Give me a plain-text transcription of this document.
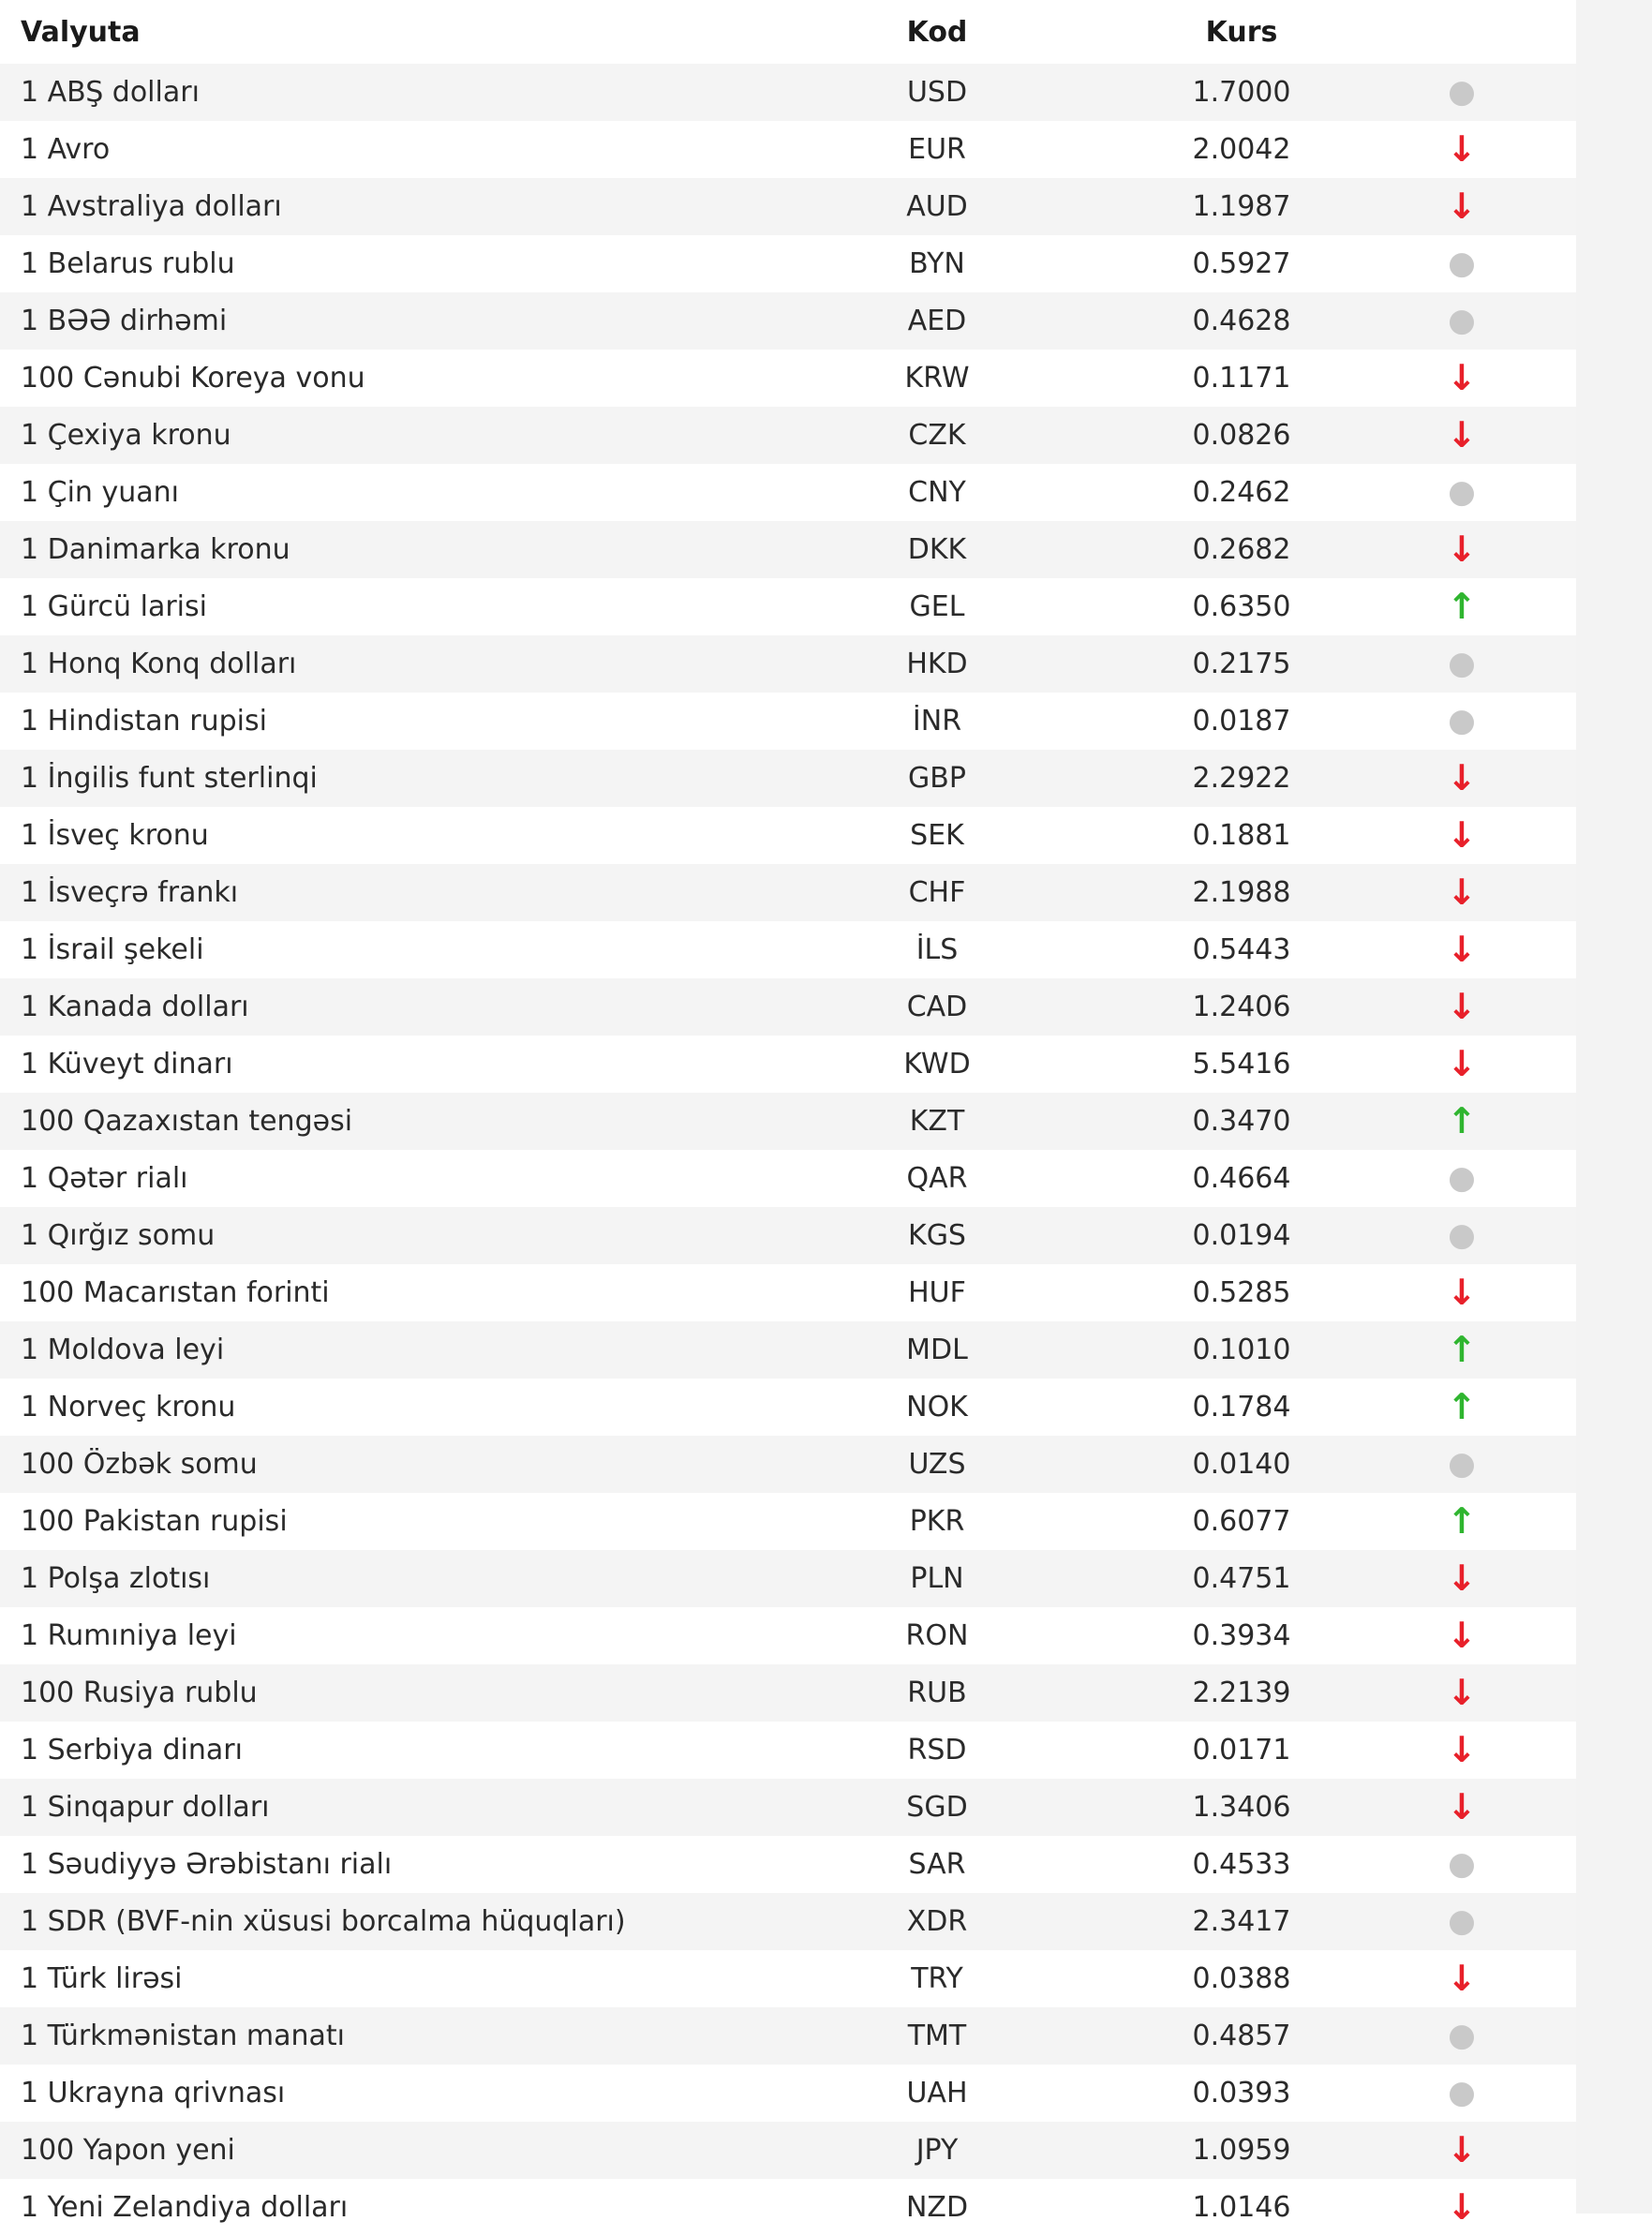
Valyuta	Kod	Kurs
1 ABŞ dolları	USD	1.7000	●
1 Avro	EUR	2.0042	↓
1 Avstraliya dolları	AUD	1.1987	↓
1 Belarus rublu	BYN	0.5927	●
1 BƏƏ dirhəmi	AED	0.4628	●
100 Cənubi Koreya vonu	KRW	0.1171	↓
1 Çexiya kronu	CZK	0.0826	↓
1 Çin yuanı	CNY	0.2462	●
1 Danimarka kronu	DKK	0.2682	↓
1 Gürcü larisi	GEL	0.6350	↑
1 Honq Konq dolları	HKD	0.2175	●
1 Hindistan rupisi	İNR	0.0187	●
1 İngilis funt sterlinqi	GBP	2.2922	↓
1 İsveç kronu	SEK	0.1881	↓
1 İsveçrə frankı	CHF	2.1988	↓
1 İsrail şekeli	İLS	0.5443	↓
1 Kanada dolları	CAD	1.2406	↓
1 Küveyt dinarı	KWD	5.5416	↓
100 Qazaxıstan tengəsi	KZT	0.3470	↑
1 Qətər rialı	QAR	0.4664	●
1 Qırğız somu	KGS	0.0194	●
100 Macarıstan forinti	HUF	0.5285	↓
1 Moldova leyi	MDL	0.1010	↑
1 Norveç kronu	NOK	0.1784	↑
100 Özbək somu	UZS	0.0140	●
100 Pakistan rupisi	PKR	0.6077	↑
1 Polşa zlotısı	PLN	0.4751	↓
1 Rumıniya leyi	RON	0.3934	↓
100 Rusiya rublu	RUB	2.2139	↓
1 Serbiya dinarı	RSD	0.0171	↓
1 Sinqapur dolları	SGD	1.3406	↓
1 Səudiyyə Ərəbistanı rialı	SAR	0.4533	●
1 SDR (BVF-nin xüsusi borcalma hüquqları)	XDR	2.3417	●
1 Türk lirəsi	TRY	0.0388	↓
1 Türkmənistan manatı	TMT	0.4857	●
1 Ukrayna qrivnası	UAH	0.0393	●
100 Yapon yeni	JPY	1.0959	↓
1 Yeni Zelandiya dolları	NZD	1.0146	↓
